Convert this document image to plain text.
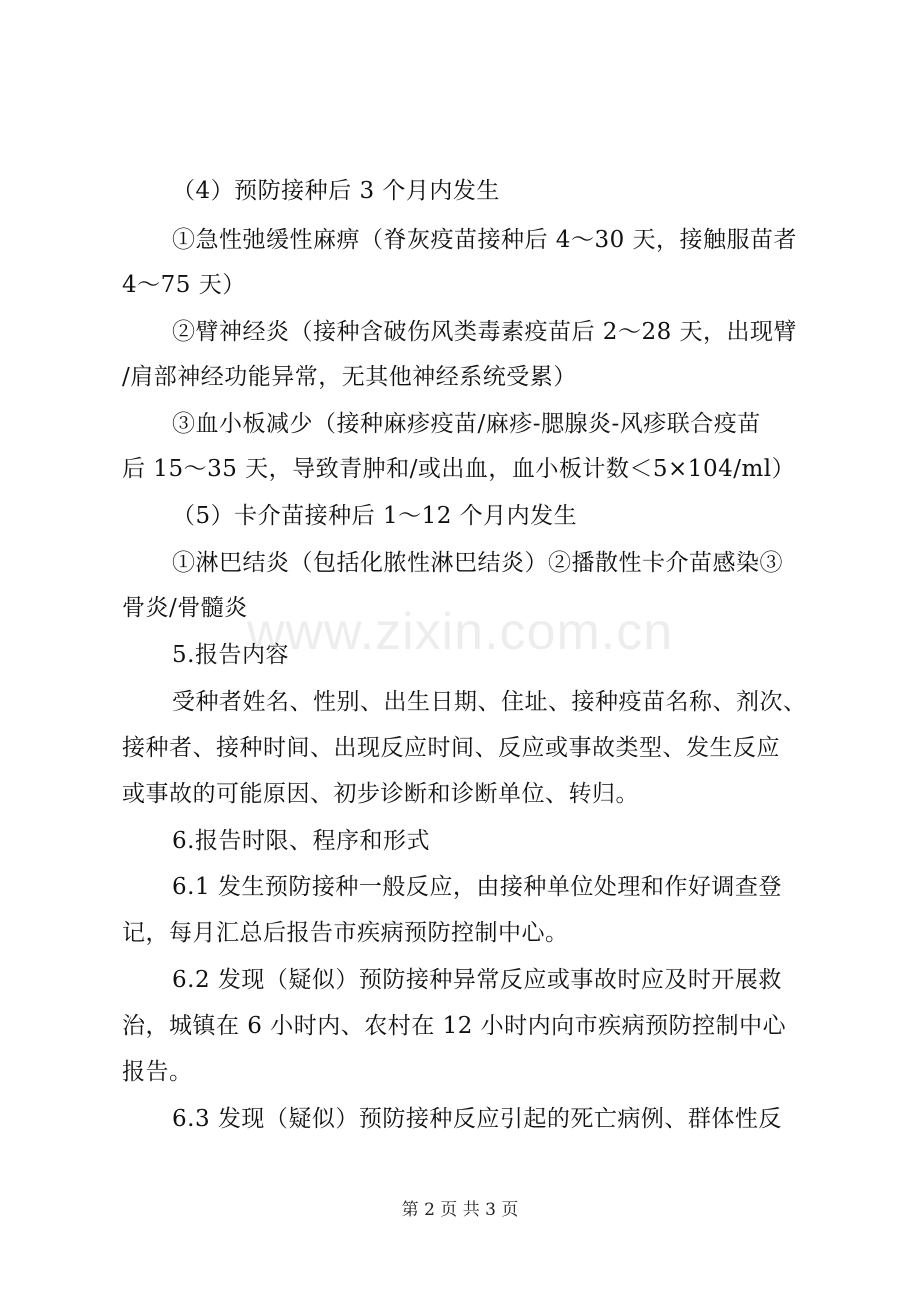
www.zixin.com.cn
（4）预防接种后 3 个月内发生
①急性弛缓性麻痹（脊灰疫苗接种后 4～30 天，接触服苗者
4～75 天）
②臂神经炎（接种含破伤风类毒素疫苗后 2～28 天，出现臂
/肩部神经功能异常，无其他神经系统受累）
③血小板减少（接种麻疹疫苗/麻疹-腮腺炎-风疹联合疫苗
后 15～35 天，导致青肿和/或出血，血小板计数＜5×104/ml）
（5）卡介苗接种后 1～12 个月内发生
①淋巴结炎（包括化脓性淋巴结炎）②播散性卡介苗感染③
骨炎/骨髓炎
5.报告内容
受种者姓名、性别、出生日期、住址、接种疫苗名称、剂次、
接种者、接种时间、出现反应时间、反应或事故类型、发生反应
或事故的可能原因、初步诊断和诊断单位、转归。
6.报告时限、程序和形式
6.1 发生预防接种一般反应，由接种单位处理和作好调查登
记，每月汇总后报告市疾病预防控制中心。
6.2 发现（疑似）预防接种异常反应或事故时应及时开展救
治，城镇在 6 小时内、农村在 12 小时内向市疾病预防控制中心
报告。
6.3 发现（疑似）预防接种反应引起的死亡病例、群体性反
第 2 页 共 3 页
